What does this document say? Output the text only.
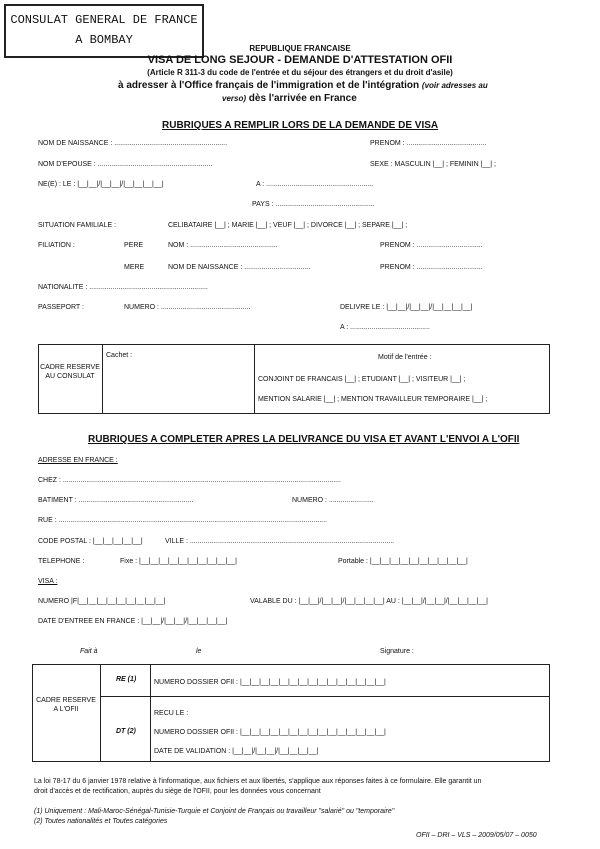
CONSULAT GENERAL DE FRANCE
A BOMBAY
REPUBLIQUE FRANCAISE
VISA DE LONG SEJOUR - DEMANDE D'ATTESTATION OFII
(Article R 311-3 du code de l'entrée et du séjour des étrangers et du droit d'asile)
à adresser à l'Office français de l'immigration et de l'intégration (voir adresses au
verso) dès l'arrivée en France
RUBRIQUES A REMPLIR LORS DE LA DEMANDE DE VISA
NOM DE NAISSANCE : ..........................................................	PRENOM : .........................................
NOM D'EPOUSE : ...........................................................	SEXE : MASCULIN |__| ; FEMININ |__| ;
NE(E) : LE : |__|__|/|__|__|/|__|__|__|__|	A : .......................................................
PAYS : ...................................................
SITUATION FAMILIALE :	CELIBATAIRE |__| ; MARIE |__| ; VEUF |__| ; DIVORCE |__| ; SEPARE |__| ;
FILIATION :	PERE	NOM : .............................................	PRENOM : ..................................
MERE	NOM DE NAISSANCE : ..................................	PRENOM : ..................................
NATIONALITE : .............................................................
PASSEPORT :	NUMERO : ..............................................	DELIVRE LE : |__|__|/|__|__|/|__|__|__|__|
A : .........................................
CADRE RESERVE AU CONSULAT
Cachet :	Motif de l'entrée :
CONJOINT DE FRANCAIS |__| ; ETUDIANT |__| ; VISITEUR |__| ;
MENTION SALARIE |__| ; MENTION TRAVAILLEUR TEMPORAIRE |__| ;
RUBRIQUES A COMPLETER APRES LA DELIVRANCE DU VISA ET AVANT L'ENVOI A L'OFII
ADRESSE EN FRANCE :
CHEZ : ...............................................................................................................................................
BATIMENT : ...........................................................	NUMERO : .......................
RUE : ..........................................................................................................................................
CODE POSTAL : |__|__|__|__|__|	VILLE : .........................................................................................................
TELEPHONE :	Fixe : |__|__|__|__|__|__|__|__|__|__|	Portable : |__|__|__|__|__|__|__|__|__|__|
VISA :
NUMERO |F|__|__|__|__|__|__|__|__|__|	VALABLE DU : |__|__|/|__|__|/|__|__|__|__| AU : |__|__|/|__|__|/|__|__|__|__|
DATE D'ENTREE EN FRANCE : |__|__|/|__|__|/|__|__|__|__|
Fait à	le	Signature :
CADRE RESERVE A L'OFII
RE (1)	NUMERO DOSSIER OFII : |__|__|__|__|__|__|__|__|__|__|__|__|__|__|__|
DT (2)
RECU LE :
NUMERO DOSSIER OFII : |__|__|__|__|__|__|__|__|__|__|__|__|__|__|__|
DATE DE VALIDATION : |__|__|/|__|__|/|__|__|__|__|
La loi 78-17 du 6 janvier 1978 relative à l'informatique, aux fichiers et aux libertés, s'applique aux réponses faites à ce formulaire. Elle garantit un
droit d'accès et de rectification, auprès du siège de l'OFII, pour les données vous concernant
(1) Uniquement : Mali-Maroc-Sénégal-Tunisie-Turquie et Conjoint de Français ou travailleur "salarié" ou "temporaire"
(2) Toutes nationalités et Toutes catégories
OFII – DRI – VLS – 2009/05/07 – 0050
